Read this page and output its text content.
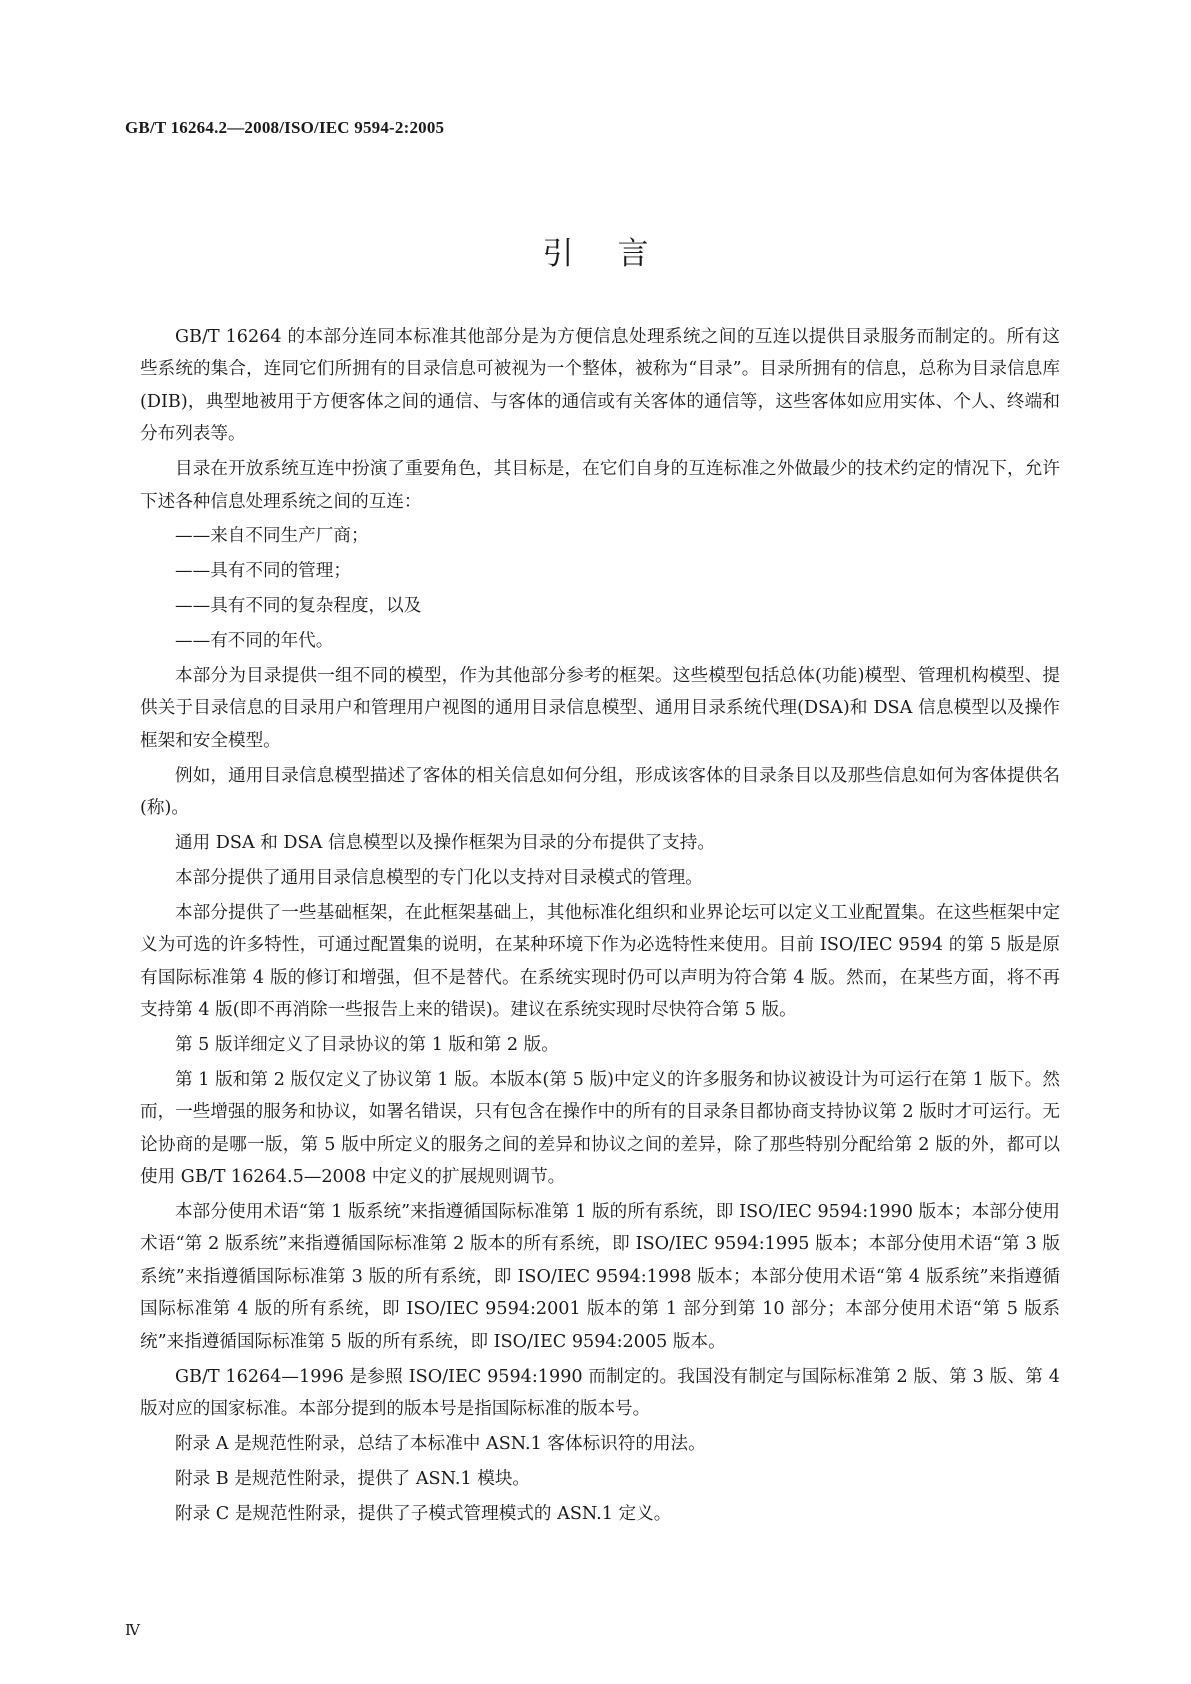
GB/T 16264.2—2008/ISO/IEC 9594-2:2005
引言

GB/T 16264 的本部分连同本标准其他部分是为方便信息处理系统之间的互连以提供目录服务而制定的。所有这些系统的集合，连同它们所拥有的目录信息可被视为一个整体，被称为“目录”。目录所拥有的信息，总称为目录信息库(DIB)，典型地被用于方便客体之间的通信、与客体的通信或有关客体的通信等，这些客体如应用实体、个人、终端和分布列表等。

目录在开放系统互连中扮演了重要角色，其目标是，在它们自身的互连标准之外做最少的技术约定的情况下，允许下述各种信息处理系统之间的互连：

——来自不同生产厂商；

——具有不同的管理；

——具有不同的复杂程度，以及

——有不同的年代。

本部分为目录提供一组不同的模型，作为其他部分参考的框架。这些模型包括总体(功能)模型、管理机构模型、提供关于目录信息的目录用户和管理用户视图的通用目录信息模型、通用目录系统代理(DSA)和 DSA 信息模型以及操作框架和安全模型。

例如，通用目录信息模型描述了客体的相关信息如何分组，形成该客体的目录条目以及那些信息如何为客体提供名(称)。

通用 DSA 和 DSA 信息模型以及操作框架为目录的分布提供了支持。

本部分提供了通用目录信息模型的专门化以支持对目录模式的管理。

本部分提供了一些基础框架，在此框架基础上，其他标准化组织和业界论坛可以定义工业配置集。在这些框架中定义为可选的许多特性，可通过配置集的说明，在某种环境下作为必选特性来使用。目前 ISO/IEC 9594 的第 5 版是原有国际标准第 4 版的修订和增强，但不是替代。在系统实现时仍可以声明为符合第 4 版。然而，在某些方面，将不再支持第 4 版(即不再消除一些报告上来的错误)。建议在系统实现时尽快符合第 5 版。

第 5 版详细定义了目录协议的第 1 版和第 2 版。

第 1 版和第 2 版仅定义了协议第 1 版。本版本(第 5 版)中定义的许多服务和协议被设计为可运行在第 1 版下。然而，一些增强的服务和协议，如署名错误，只有包含在操作中的所有的目录条目都协商支持协议第 2 版时才可运行。无论协商的是哪一版，第 5 版中所定义的服务之间的差异和协议之间的差异，除了那些特别分配给第 2 版的外，都可以使用 GB/T 16264.5—2008 中定义的扩展规则调节。

本部分使用术语“第 1 版系统”来指遵循国际标准第 1 版的所有系统，即 ISO/IEC 9594:1990 版本；本部分使用术语“第 2 版系统”来指遵循国际标准第 2 版本的所有系统，即 ISO/IEC 9594:1995 版本；本部分使用术语“第 3 版系统”来指遵循国际标准第 3 版的所有系统，即 ISO/IEC 9594:1998 版本；本部分使用术语“第 4 版系统”来指遵循国际标准第 4 版的所有系统，即 ISO/IEC 9594:2001 版本的第 1 部分到第 10 部分；本部分使用术语“第 5 版系统”来指遵循国际标准第 5 版的所有系统，即 ISO/IEC 9594:2005 版本。

GB/T 16264—1996 是参照 ISO/IEC 9594:1990 而制定的。我国没有制定与国际标准第 2 版、第 3 版、第 4 版对应的国家标准。本部分提到的版本号是指国际标准的版本号。

附录 A 是规范性附录，总结了本标准中 ASN.1 客体标识符的用法。

附录 B 是规范性附录，提供了 ASN.1 模块。

附录 C 是规范性附录，提供了子模式管理模式的 ASN.1 定义。

Ⅳ
